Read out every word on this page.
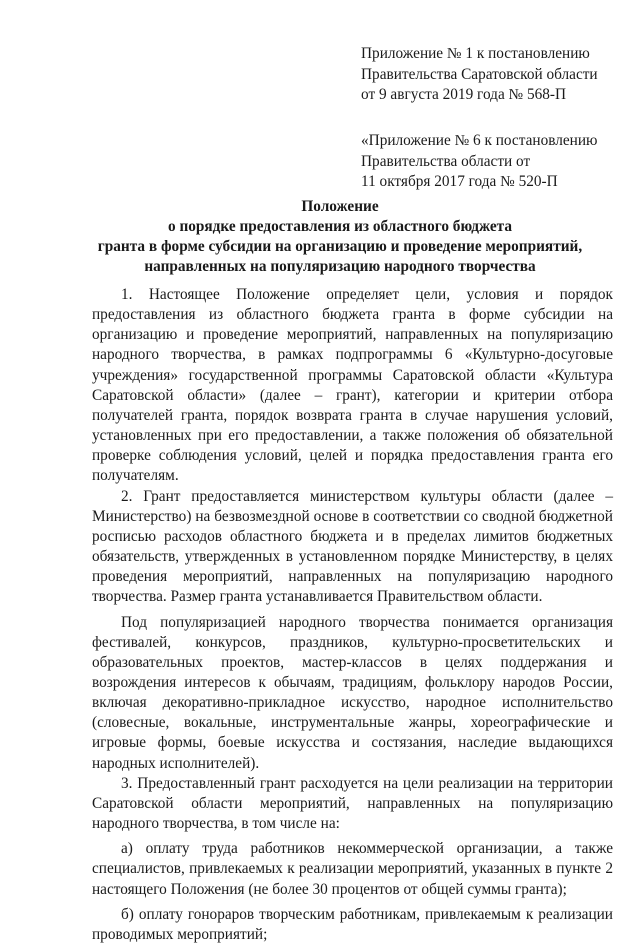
Приложение № 1 к постановлению
Правительства Саратовской области
от 9 августа 2019 года № 568-П
«Приложение № 6 к постановлению
Правительства области от
11 октября 2017 года № 520-П
Положение
о порядке предоставления из областного бюджета
гранта в форме субсидии на организацию и проведение мероприятий,
направленных на популяризацию народного творчества

1. Настоящее Положение определяет цели, условия и порядок предоставления из областного бюджета гранта в форме субсидии на организацию и проведение мероприятий, направленных на популяризацию народного творчества, в рамках подпрограммы 6 «Культурно-досуговые учреждения» государственной программы Саратовской области «Культура Саратовской области» (далее – грант), категории и критерии отбора получателей гранта, порядок возврата гранта в случае нарушения условий, установленных при его предоставлении, а также положения об обязательной проверке соблюдения условий, целей и порядка предоставления гранта его получателям.

2. Грант предоставляется министерством культуры области (далее – Министерство) на безвозмездной основе в соответствии со сводной бюджетной росписью расходов областного бюджета и в пределах лимитов бюджетных обязательств, утвержденных в установленном порядке Министерству, в целях проведения мероприятий, направленных на популяризацию народного творчества. Размер гранта устанавливается Правительством области.

Под популяризацией народного творчества понимается организация фестивалей, конкурсов, праздников, культурно-просветительских и образовательных проектов, мастер-классов в целях поддержания и возрождения интересов к обычаям, традициям, фольклору народов России, включая декоративно-прикладное искусство, народное исполнительство (словесные, вокальные, инструментальные жанры, хореографические и игровые формы, боевые искусства и состязания, наследие выдающихся народных исполнителей).

3. Предоставленный грант расходуется на цели реализации на территории Саратовской области мероприятий, направленных на популяризацию народного творчества, в том числе на:

а) оплату труда работников некоммерческой организации, а также специалистов, привлекаемых к реализации мероприятий, указанных в пункте 2 настоящего Положения (не более 30 процентов от общей суммы гранта);

б) оплату гонораров творческим работникам, привлекаемым к реализации проводимых мероприятий;
